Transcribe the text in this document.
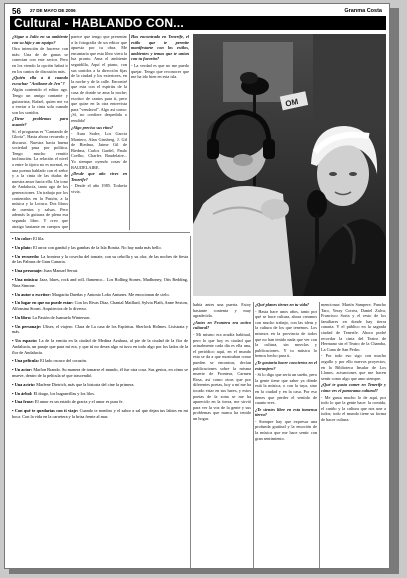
56 27 DE MAYO DE 2006	Granma Costa
Cultural - HABLANDO CON...

¿Sigue a Julio en su ambiente con su hija y un equipo?

Otra intención de hacerse con más: Una de de ganas se conectan con este sector. Pero en los viendo la opción habrá ir en los cantos de discusión más.

¿Quién ella a ti cuando escuchar "Anólome de Jen"?

Algún contenido el editor ago. Tengo un amigo cantante y guitarrista; Rafael, quien me va a enviar a la cinta sola cuando son los sonidos.

¿Tiene problemas para asumir?

Sí, el programa es "Cantando de Gloria". Hasta ahora recuerdo y discurso. Nuestra hacía buena sociedad pasa por política. Tengo mucho remitir inclinación. La relación el nivel a entre lo típico no es normal, es una poema hablado con el señor y a la cinta de las dudas de nuestra amor hacia ella. Un tono de Andalucía, tanto ago de los generaciones. Un trabajo por los contenidos en la Pasión, a la música y la Locura. Dos libros de cuentos y salsas. Pero además la guitarra de plena esa segundo libro. Y creo que atraigo bastante en cuerpos que

parece que tengo que presentar a la fotografía de un editor que apuesta por tu obra. Me encantaría que esta libro viera la luz pronto. Ama el ambiente seguidilla, Aquí el piano, con sus sonidos a la dirección fijas de la ciudad y los exteriores, en la noche y de la calle. Encontré que esta con el espíritu de la casa de donde se ama la noche; escritor de cantos para ti, pero que quise en la otra entrevista para "vendaval". Algo así como: ¡Sí, no confiere despedida o rendida!

¿Algo preciso sus ritos?

- Aura Sodre, Los Garcia Montero, Alan Ginsberg, J. Gil de Biedma, Jaime Gil de Biedma, Carlos Gardel, Paulo Coelho, Charles Baudelaire... Yo siempre oyendo cosas de BAUDELAIRE.

¿Desde que año vives en Tenerife?

- Desde el año 1985. Todavía vivía.

Has encontrado en Tenerife, el estilo que te permite manifestarte con los estilos, ambientes y temas que te unían con tu favorito?

- La verdad es que no me puedo quejar. Tengo que reconocer que me ha ido bien en esta isla.

OM
• Un color: El lila.
• Un plato: El arroz con gandul y las gambas de la Isla Bonita. No hay nada más bello.
• Un recuerdo: La frontera y la cosecha del tomate, con su cebolla y su olor, de las noches de fiesta de las Palmas de Gran Canaria.
• Una personaje: Juan Manuel Serrat.
• Una música: Jazz, blues, rock and roll, flamenco... Los Rolling Stones, Mudhoney, Otis Redding, Nina Simone.
• Un autor o escritor: Margarita Dueñas y Antonio Lobo Antunes. Me emocionan de cielo.
• Un lugar en que no puede estar: Con los Rivas Díaz, Chantal Maillard, Sylvia Plath, Anne Sexton, Alfonsina Storni. Arquitectos de lo diverso.
• Un libro: La Pasión de Juanuela Winterson.
• Un personaje: Ulises, el viajero. Clara de La casa de los Espíritus. Sherlock Holmes. Lisístrata y más.
• Un espacio: La de la ermita en la ciudad de Medina Azahara, al pie de la ciudad de la flor de Andalucía, un paraje que para mí era, y que tú no desea algo ni tuvo en todo algo por los lados de la flor de Andalucía.
• Una película: El lado oscuro del corazón.
• Un actor: Marlon Brando. Su manera de tomarse el mundo, él fue otra cosa. Sus gestos, en cómo se mueve, dentro de la película sé que trascendió.
• Una actriz: Marlene Dietrich, más que la historia del cine la primera.
• Un árbol: El drago, los buganvillas y los lilos.
• Una frase: El amor es un estado de gracia y el amor es pura fe.
• Con qué te quedarías con ti viaje: Cuando te nombro y el sabor a sal que dejan tus labios en mi boca. Con la vida en la carretera y la brisa frente al mar.

había antes una puerta. Estoy bastante contenta y muy agradecida.

¿Antes en Frontera era activo cultural?

- Mi mismo era acudía habitual, pero lo que hoy es ciudad que actualmente cada día es ella una, el periódico aquí, en el mundo esta se da a que mostraban como pueden se encontrar, decían publicaciones sobre la misma muerte de Frontera, Carmen Rosa, así como otras que por diferentes poetas, hoy a mí me ha tocado estar en sus bares, y estos poetas de la zona se me ha aparecido en la tierra, me sirvió para ver la voz de la gente y sus problemas que nunca ha tenido un hogar.

¿Qué planes tienes en tu vida?

- Hasta hace unos años, tanto por qué se hace cultura, ahora creamos con mucho trabajo, con las ideas y la cultura de los que tenemos. Los mismos en la provincia de todos que no han tenido nada que ver con la cultura, sin mezclas y publicaciones. Y tu música lo hemos hecho para ti.

¿Te gustaría hacer conciertos en el extranjero?

- Sí lo digo que sería un sueño, pero la gente tiene que saber ya dónde está la música, o con la tuya, sino en la ciudad y en la casa. Por eso tienes que perder el sentido de cuanto eres.

¿Te sientes libre en esta inmensa tierra?

- Siempre hay que expresar una profunda gratitud y la emoción de la música que me hace sentir con gran sentimiento.

mencionar: Martín Sampere, Pancho Taro, Yeray Correa, Daniel Zalva, Francisco Soria y el resto de los familiares en donde hay tierra canaria. Y el público en la sagrada ciudad de Tenerife. Ahora podré recordar la cinta del Teatro de Hermano sin el Teatro de la Chamba, La Cuna de San Pedro.

- Por todo eso sigo con mucho orgullo y por ello nuevos proyectos, en la Biblioteca Insular de Los Llanos, actuaciones que me hacen sentir como algo que amo siempre.

¿Qué te gusta comer en Tenerife y cómo ves el panorama cultural?

- Me gusta mucho lo de aquí, por todo lo que la gente hace: la comida, el cariño y la cultura que nos une a todos; todo el mundo tiene su forma de hacer cultura.
